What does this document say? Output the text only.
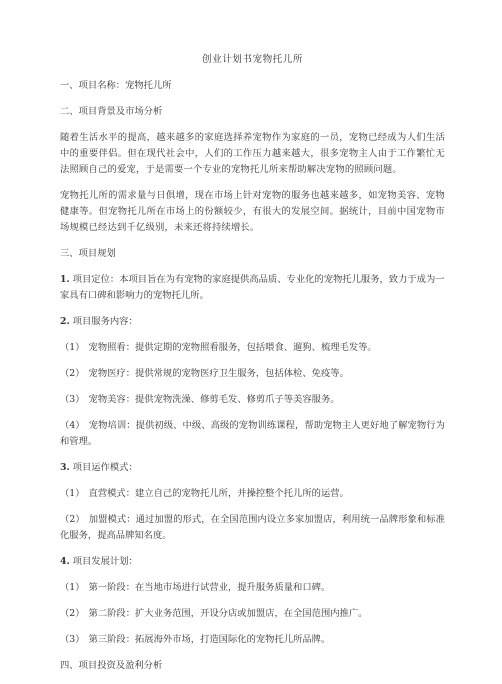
创业计划书宠物托儿所
一、项目名称：宠物托儿所
二、项目背景及市场分析
随着生活水平的提高，越来越多的家庭选择养宠物作为家庭的一员，宠物已经成为人们生活中的重要伴侣。但在现代社会中，人们的工作压力越来越大，很多宠物主人由于工作繁忙无法照顾自己的爱宠，于是需要一个专业的宠物托儿所来帮助解决宠物的照顾问题。
宠物托儿所的需求量与日俱增，现在市场上针对宠物的服务也越来越多，如宠物美容、宠物健康等。但宠物托儿所在市场上的份额较少，有很大的发展空间。据统计，目前中国宠物市场规模已经达到千亿级别，未来还将持续增长。
三、项目规划
1. 项目定位：本项目旨在为有宠物的家庭提供高品质、专业化的宠物托儿服务，致力于成为一家具有口碑和影响力的宠物托儿所。
2. 项目服务内容：
（1） 宠物照看：提供定期的宠物照看服务，包括喂食、遛狗、梳理毛发等。
（2） 宠物医疗：提供常规的宠物医疗卫生服务，包括体检、免疫等。
（3） 宠物美容：提供宠物洗澡、修剪毛发、修剪爪子等美容服务。
（4） 宠物培训：提供初级、中级、高级的宠物训练课程，帮助宠物主人更好地了解宠物行为和管理。
3. 项目运作模式：
（1） 直营模式：建立自己的宠物托儿所，并操控整个托儿所的运营。
（2） 加盟模式：通过加盟的形式，在全国范围内设立多家加盟店，利用统一品牌形象和标准化服务，提高品牌知名度。
4. 项目发展计划：
（1） 第一阶段：在当地市场进行试营业，提升服务质量和口碑。
（2） 第二阶段：扩大业务范围，开设分店或加盟店，在全国范围内推广。
（3） 第三阶段：拓展海外市场，打造国际化的宠物托儿所品牌。
四、项目投资及盈利分析
